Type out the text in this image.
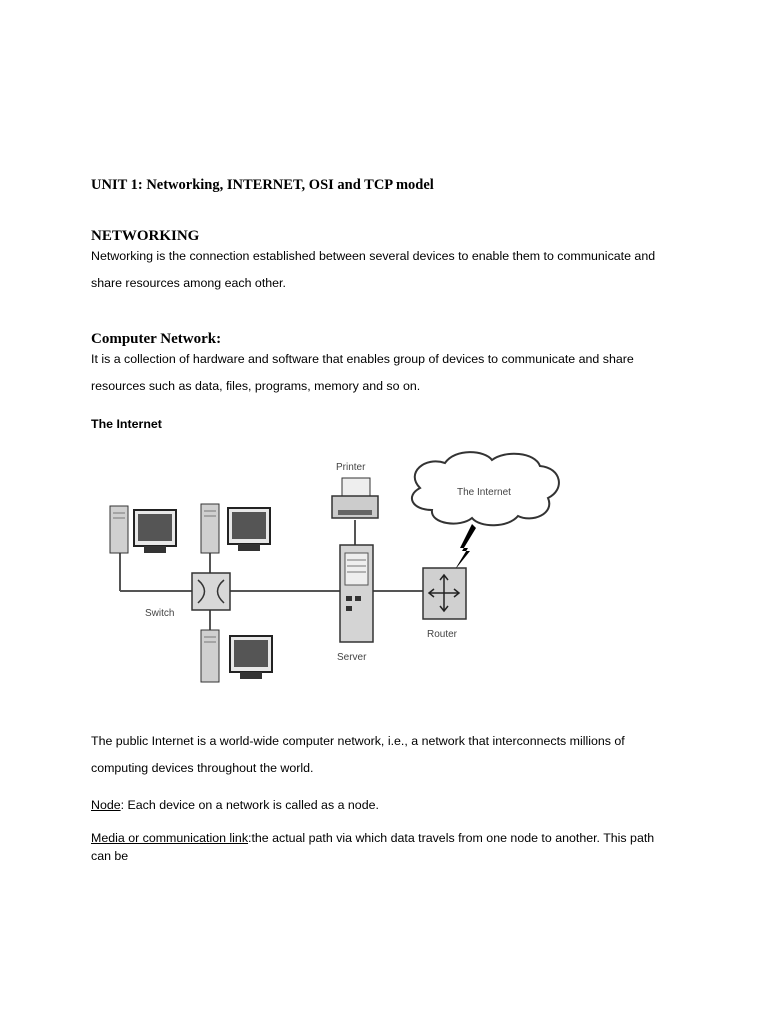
UNIT 1: Networking, INTERNET, OSI and TCP model
NETWORKING
Networking is the connection established between several devices to enable them to communicate and
share resources among each other.
Computer Network:
It is a collection of hardware and software that enables group of devices to communicate and share
resources such as data, files, programs, memory and so on.
The Internet
Switch
Printer
Server
The Internet
Router
The public Internet is a world-wide computer network, i.e., a network that interconnects millions of
computing devices throughout the world.
Node: Each device on a network is called as a node.
Media or communication link:the actual path via which data travels from one node to another. This path
can be
